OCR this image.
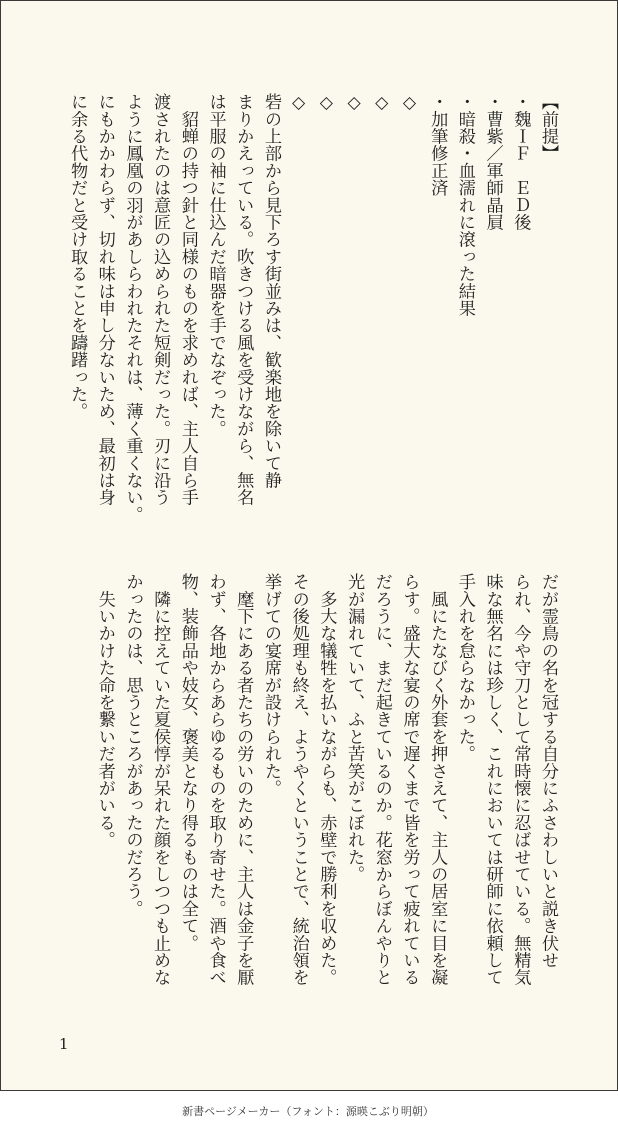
【前提】
・魏ＩＦ　ＥＤ後
・曹紫／軍師晶屓
・暗殺・血濡れに滾った結果
・加筆修正済
◇
◇
◇
◇
◇
砦の上部から見下ろす街並みは、歓楽地を除いて静
まりかえっている。吹きつける風を受けながら、無名
は平服の袖に仕込んだ暗器を手でなぞった。
　貂蝉の持つ針と同様のものを求めれば、主人自ら手
渡されたのは意匠の込められた短剣だった。刃に沿う
ように鳳凰の羽があしらわれたそれは、薄く重くない。
にもかかわらず、切れ味は申し分ないため、最初は身
に余る代物だと受け取ることを躊躇った。
だが霊鳥の名を冠する自分にふさわしいと説き伏せ
られ、今や守刀として常時懐に忍ばせている。無精気
味な無名には珍しく、これにおいては研師に依頼して
手入れを怠らなかった。
　風にたなびく外套を押さえて、主人の居室に目を凝
らす。盛大な宴の席で遅くまで皆を労って疲れている
だろうに、まだ起きているのか。花窓からぼんやりと
光が漏れていて、ふと苦笑がこぼれた。
　多大な犠牲を払いながらも、赤壁で勝利を収めた。
その後処理も終え、ようやくということで、統治領を
挙げての宴席が設けられた。
　麾下にある者たちの労いのために、主人は金子を厭
わず、各地からあらゆるものを取り寄せた。酒や食べ
物、装飾品や妓女、褒美となり得るものは全て。
　隣に控えていた夏侯惇が呆れた顔をしつつも止めな
かったのは、思うところがあったのだろう。
　失いかけた命を繋いだ者がいる。
1
新書ページメーカー（フォント：源暎こぶり明朝）
